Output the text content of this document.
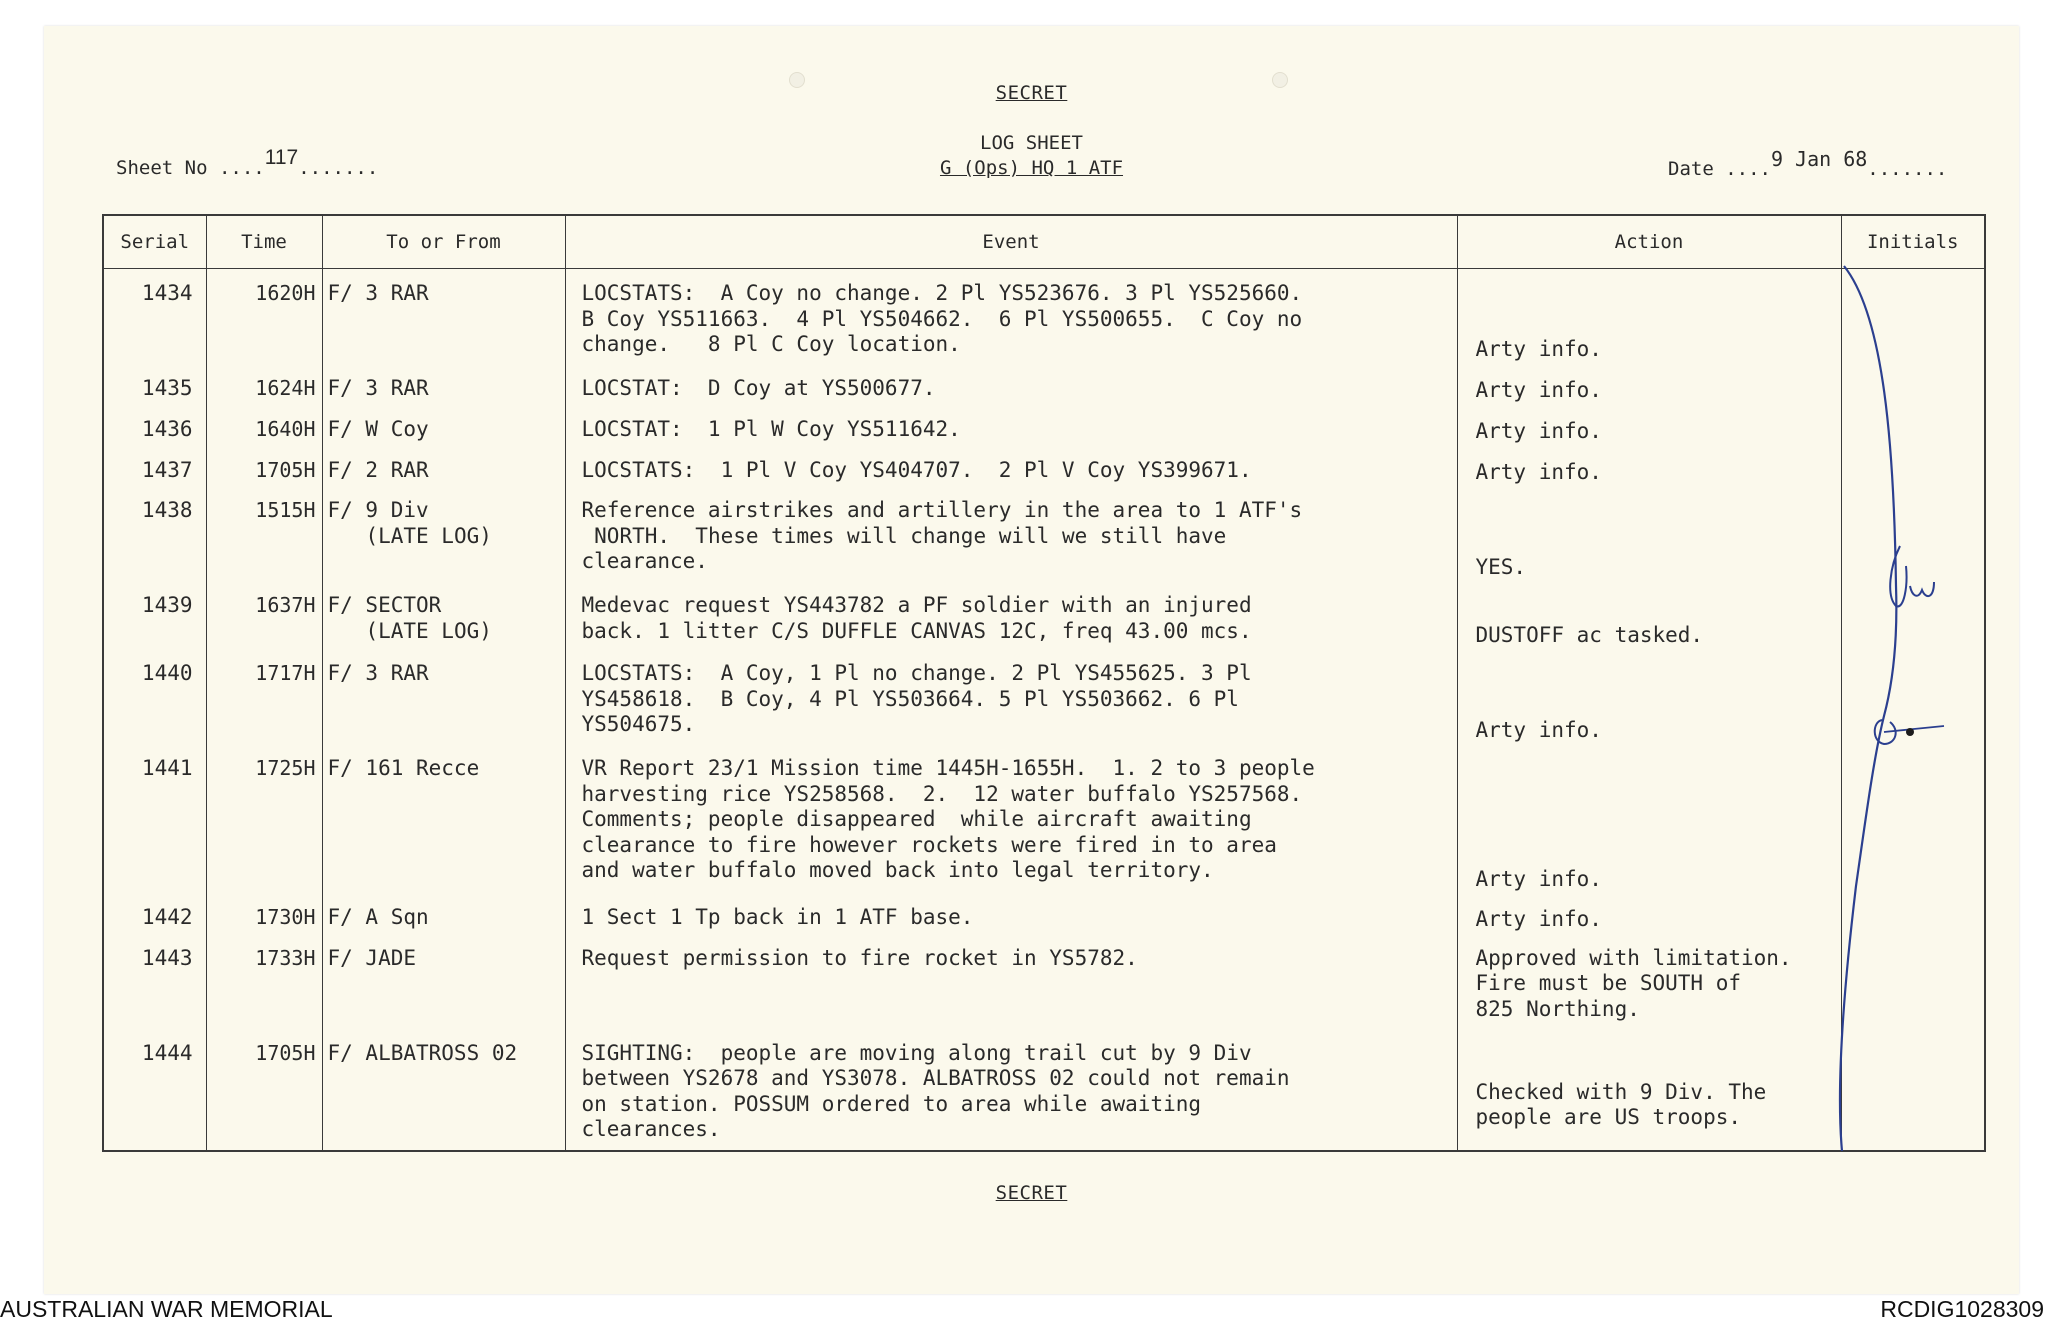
SECRET
LOG SHEET
G (Ops) HQ 1 ATF
Sheet No ....117.......	Date ....9 Jan 68.......
Serial	Time	To or From	Event	Action	Initials
1434	1620H	F/ 3 RAR	LOCSTATS:  A Coy no change. 2 Pl YS523676. 3 Pl YS525660.
B Coy YS511663.  4 Pl YS504662.  6 Pl YS500655.  C Coy no
change.   8 Pl C Coy location.	Arty info.	
1435	1624H	F/ 3 RAR	LOCSTAT:  D Coy at YS500677.	Arty info.	
1436	1640H	F/ W Coy	LOCSTAT:  1 Pl W Coy YS511642.	Arty info.	
1437	1705H	F/ 2 RAR	LOCSTATS:  1 Pl V Coy YS404707.  2 Pl V Coy YS399671.	Arty info.	
1438	1515H	F/ 9 Div
(LATE LOG)	Reference airstrikes and artillery in the area to 1 ATF's
NORTH.  These times will change will we still have
clearance.	YES.	
1439	1637H	F/ SECTOR
(LATE LOG)	Medevac request YS443782 a PF soldier with an injured
back. 1 litter C/S DUFFLE CANVAS 12C, freq 43.00 mcs.	DUSTOFF ac tasked.	
1440	1717H	F/ 3 RAR	LOCSTATS:  A Coy, 1 Pl no change. 2 Pl YS455625. 3 Pl
YS458618.  B Coy, 4 Pl YS503664. 5 Pl YS503662. 6 Pl
YS504675.	Arty info.	
1441	1725H	F/ 161 Recce	VR Report 23/1 Mission time 1445H-1655H.  1. 2 to 3 people
harvesting rice YS258568.  2.  12 water buffalo YS257568.
Comments; people disappeared  while aircraft awaiting
clearance to fire however rockets were fired in to area
and water buffalo moved back into legal territory.	Arty info.	
1442	1730H	F/ A Sqn	1 Sect 1 Tp back in 1 ATF base.	Arty info.	
1443	1733H	F/ JADE	Request permission to fire rocket in YS5782.	Approved with limitation.
Fire must be SOUTH of
825 Northing.	
1444	1705H	F/ ALBATROSS 02	SIGHTING:  people are moving along trail cut by 9 Div
between YS2678 and YS3078. ALBATROSS 02 could not remain
on station. POSSUM ordered to area while awaiting
clearances.	Checked with 9 Div. The
people are US troops.	
SECRET
AUSTRALIAN WAR MEMORIAL	RCDIG1028309
